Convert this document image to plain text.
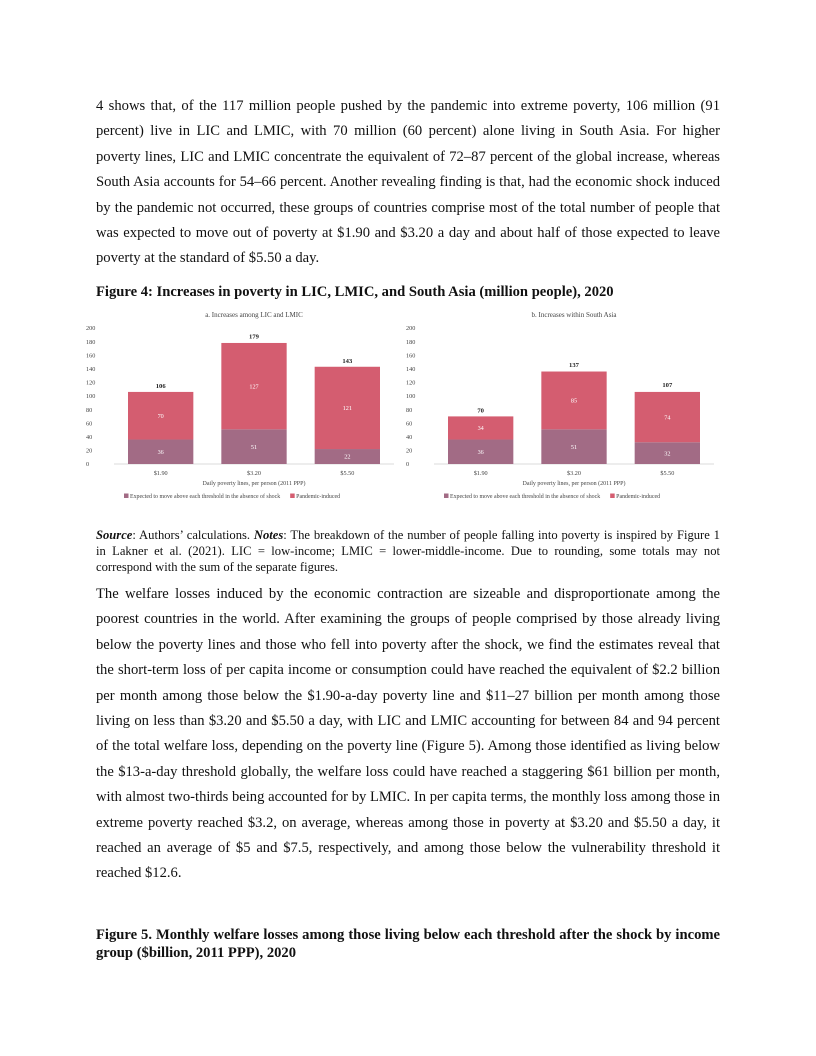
4 shows that, of the 117 million people pushed by the pandemic into extreme poverty, 106 million (91 percent) live in LIC and LMIC, with 70 million (60 percent) alone living in South Asia. For higher poverty lines, LIC and LMIC concentrate the equivalent of 72–87 percent of the global increase, whereas South Asia accounts for 54–66 percent. Another revealing finding is that, had the economic shock induced by the pandemic not occurred, these groups of countries comprise most of the total number of people that was expected to move out of poverty at $1.90 and $3.20 a day and about half of those expected to leave poverty at the standard of $5.50 a day.

Figure 4: Increases in poverty in LIC, LMIC, and South Asia (million people), 2020

a. Increases among LIC and LMIC
0
20
40
60
80
100
120
140
160
180
200
36
70
106
$1.90
51
127
179
$3.20
22
121
143
$5.50
Daily poverty lines, per person (2011 PPP)
Expected to move above each threshold in the absence of shock	Pandemic-induced
b. Increases within South Asia
0
20
40
60
80
100
120
140
160
180
200
36
34
70
$1.90
51
85
137
$3.20
32
74
107
$5.50
Daily poverty lines, per person (2011 PPP)
Expected to move above each threshold in the absence of shock	Pandemic-induced

Source: Authors’ calculations. Notes: The breakdown of the number of people falling into poverty is inspired by Figure 1 in Lakner et al. (2021). LIC = low-income; LMIC = lower-middle-income. Due to rounding, some totals may not correspond with the sum of the separate figures.

The welfare losses induced by the economic contraction are sizeable and disproportionate among the poorest countries in the world. After examining the groups of people comprised by those already living below the poverty lines and those who fell into poverty after the shock, we find the estimates reveal that the short-term loss of per capita income or consumption could have reached the equivalent of $2.2 billion per month among those below the $1.90-a-day poverty line and $11–27 billion per month among those living on less than $3.20 and $5.50 a day, with LIC and LMIC accounting for between 84 and 94 percent of the total welfare loss, depending on the poverty line (Figure 5). Among those identified as living below the $13-a-day threshold globally, the welfare loss could have reached a staggering $61 billion per month, with almost two-thirds being accounted for by LMIC. In per capita terms, the monthly loss among those in extreme poverty reached $3.2, on average, whereas among those in poverty at $3.20 and $5.50 a day, it reached an average of $5 and $7.5, respectively, and among those below the vulnerability threshold it reached $12.6.

Figure 5. Monthly welfare losses among those living below each threshold after the shock by income group ($billion, 2011 PPP), 2020
